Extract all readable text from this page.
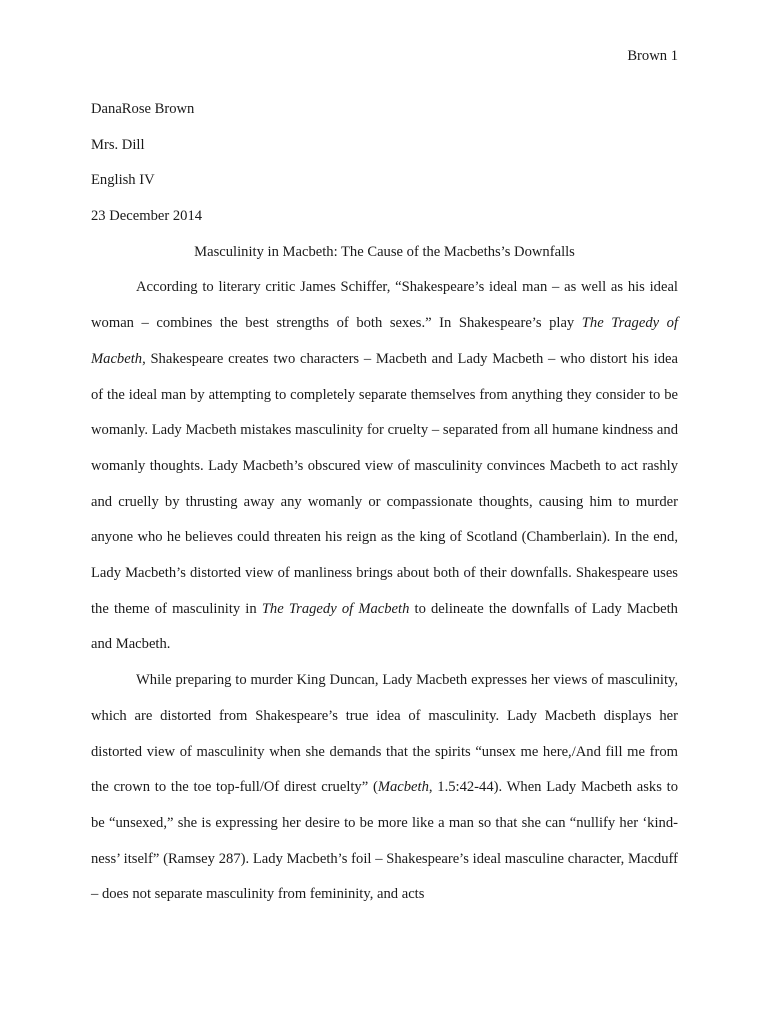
Brown 1
DanaRose Brown
Mrs. Dill
English IV
23 December 2014
Masculinity in Macbeth: The Cause of the Macbeths’s Downfalls

According to literary critic James Schiffer, “Shakespeare’s ideal man – as well as his ideal woman – combines the best strengths of both sexes.” In Shakespeare’s play The Tragedy of Macbeth, Shakespeare creates two characters – Macbeth and Lady Macbeth – who distort his idea of the ideal man by attempting to completely separate themselves from anything they consider to be womanly. Lady Macbeth mistakes masculinity for cruelty – separated from all humane kindness and womanly thoughts. Lady Macbeth’s obscured view of masculinity convinces Macbeth to act rashly and cruelly by thrusting away any womanly or compassionate thoughts, causing him to murder anyone who he believes could threaten his reign as the king of Scotland (Chamberlain). In the end, Lady Macbeth’s distorted view of manliness brings about both of their downfalls. Shakespeare uses the theme of masculinity in The Tragedy of Macbeth to delineate the downfalls of Lady Macbeth and Macbeth.

While preparing to murder King Duncan, Lady Macbeth expresses her views of masculinity, which are distorted from Shakespeare’s true idea of masculinity. Lady Macbeth displays her distorted view of masculinity when she demands that the spirits “unsex me here,/And fill me from the crown to the toe top-full/Of direst cruelty” (Macbeth, 1.5:42-44). When Lady Macbeth asks to be “unsexed,” she is expressing her desire to be more like a man so that she can “nullify her ‘kind-ness’ itself” (Ramsey 287). Lady Macbeth’s foil – Shakespeare’s ideal masculine character, Macduff – does not separate masculinity from femininity, and acts
